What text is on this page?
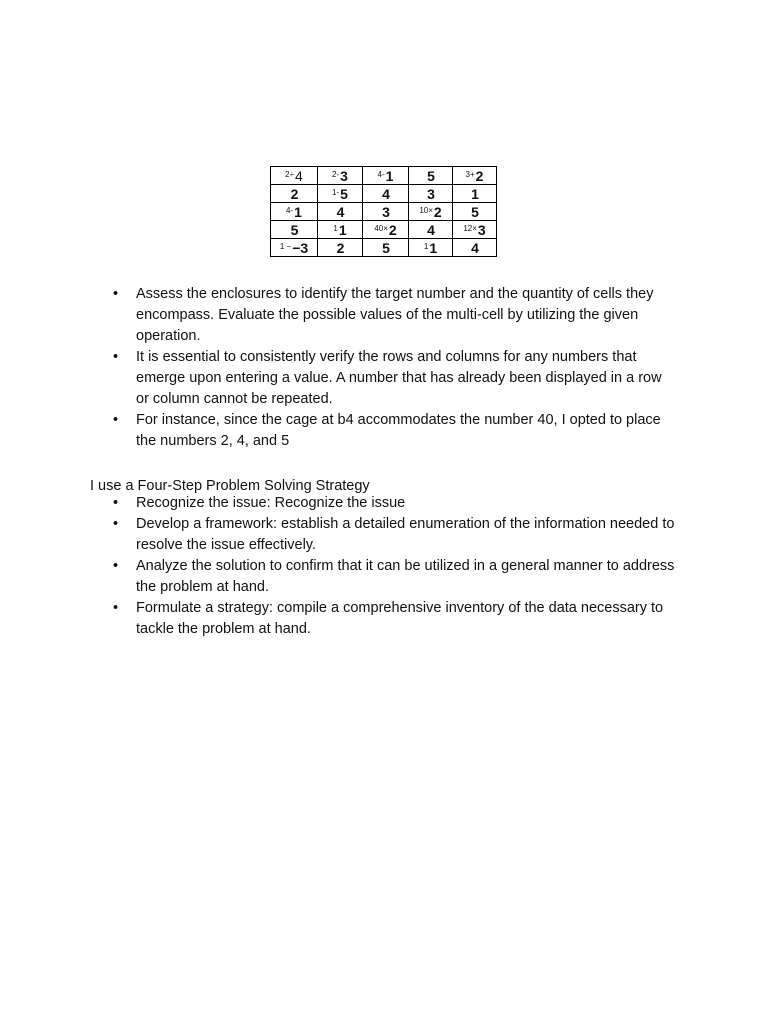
$^{2\div}$4	$^{2-}$3	$^{4-}$1	5	$^{3+}$2
2	$^{1-}$5	4	3	1
$^{4-}$1	4	3	$^{10\times}$2	5
5	$^1$1	$^{40\times}$2	4	$^{12\times}$3
$^{1 -}$−3	2	5	$^1$1	4
• Assess the enclosures to identify the target number and the quantity of cells they encompass. Evaluate the possible values of the multi-cell by utilizing the given operation.
• It is essential to consistently verify the rows and columns for any numbers that emerge upon entering a value. A number that has already been displayed in a row or column cannot be repeated.
• For instance, since the cage at b4 accommodates the number 40, I opted to place the numbers 2, 4, and 5

I use a Four-Step Problem Solving Strategy

• Recognize the issue: Recognize the issue
• Develop a framework: establish a detailed enumeration of the information needed to resolve the issue effectively.
• Analyze the solution to confirm that it can be utilized in a general manner to address the problem at hand.
• Formulate a strategy: compile a comprehensive inventory of the data necessary to tackle the problem at hand.
